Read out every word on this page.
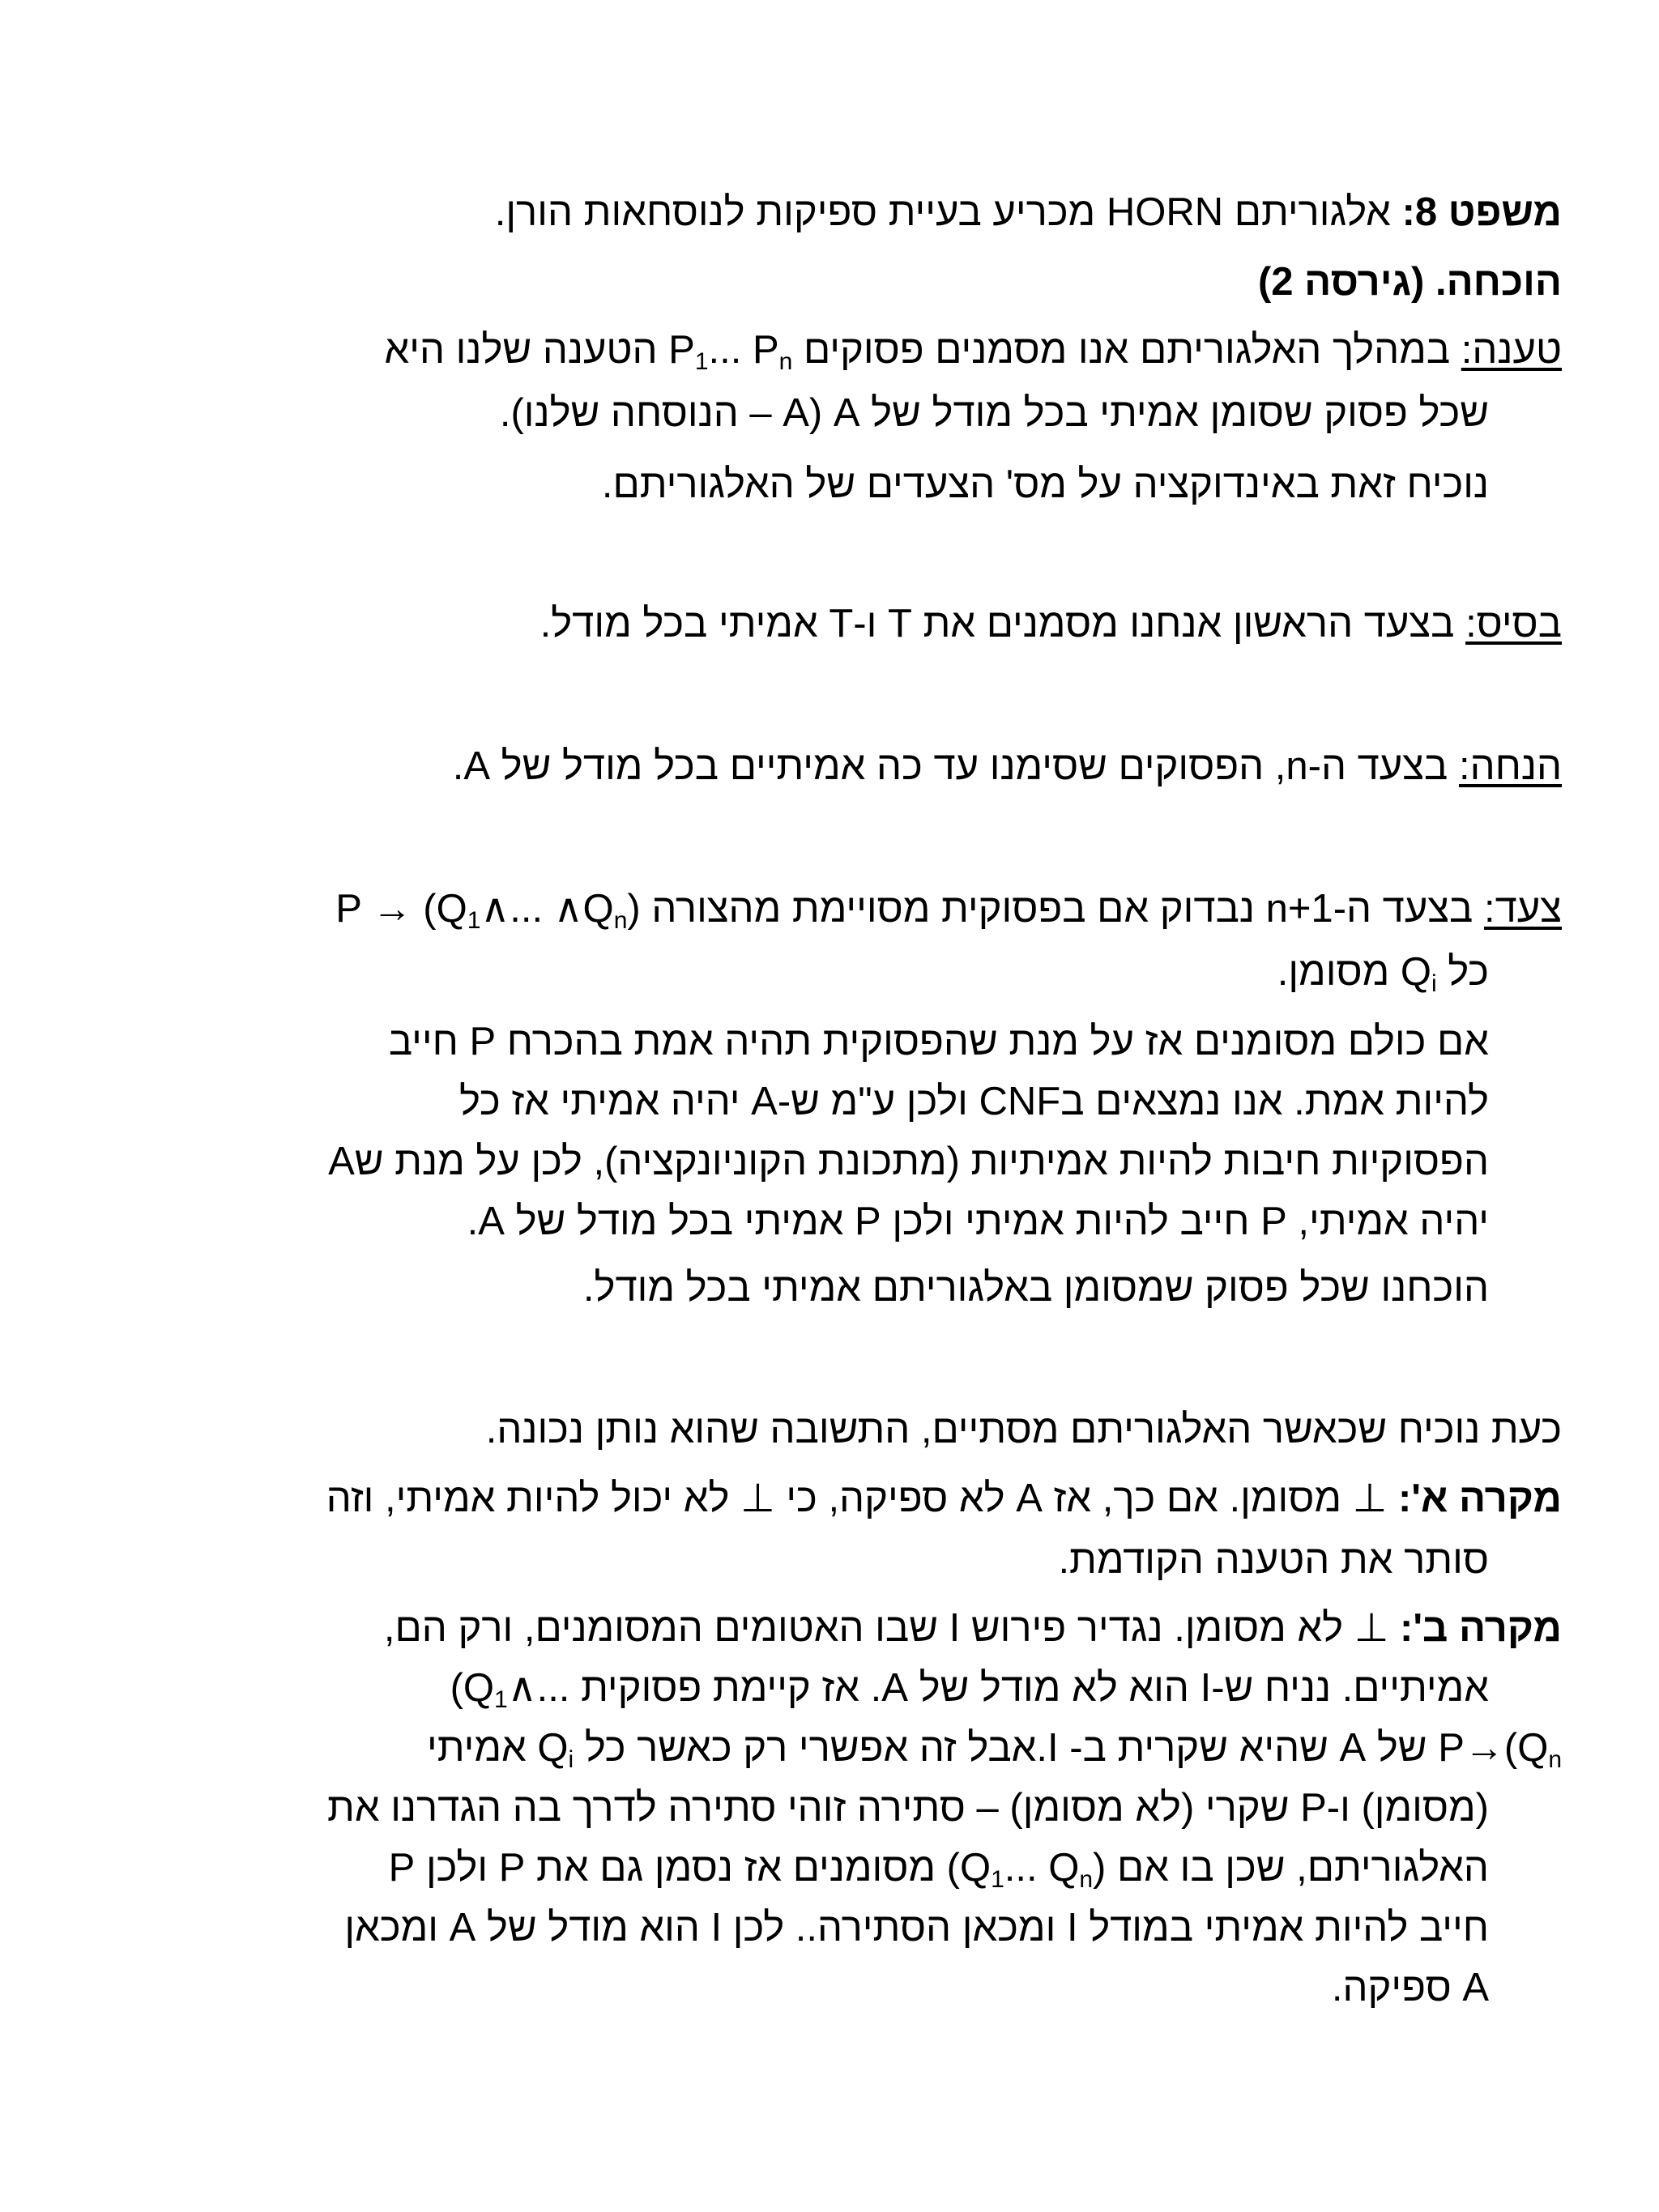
משפט 8: אלגוריתם HORN מכריע בעיית ספיקות לנוסחאות הורן.
הוכחה. (גירסה 2)
טענה: במהלך האלגוריתם אנו מסמנים פסוקים $P_1$... $P_n$ הטענה שלנו היא
שכל פסוק שסומן אמיתי בכל מודל של A (A – הנוסחה שלנו).
נוכיח זאת באינדוקציה על מס' הצעדים של האלגוריתם.
בסיס: בצעד הראשון אנחנו מסמנים את T ו-T אמיתי בכל מודל.
הנחה: בצעד ה-n, הפסוקים שסימנו עד כה אמיתיים בכל מודל של A.
צעד: בצעד ה-n+1 נבדוק אם בפסוקית מסויימת מהצורה $P \to (Q_1\wedge$... $\wedge Q_n$)
כל $Q_i$ מסומן.
אם כולם מסומנים אז על מנת שהפסוקית תהיה אמת בהכרח P חייב
להיות אמת. אנו נמצאים בCNF ולכן ע"מ ש-A יהיה אמיתי אז כל
הפסוקיות חיבות להיות אמיתיות (מתכונת הקוניונקציה), לכן על מנת שA
יהיה אמיתי, P חייב להיות אמיתי ולכן P אמיתי בכל מודל של A.
הוכחנו שכל פסוק שמסומן באלגוריתם אמיתי בכל מודל.
כעת נוכיח שכאשר האלגוריתם מסתיים, התשובה שהוא נותן נכונה.
מקרה א': ⊥ מסומן. אם כך, אז A לא ספיקה, כי ⊥ לא יכול להיות אמיתי, וזה
סותר את הטענה הקודמת.
מקרה ב': ⊥ לא מסומן. נגדיר פירוש I שבו האטומים המסומנים, ורק הם,
אמיתיים. נניח ש-I הוא לא מודל של A. אז קיימת פסוקית ($Q_1\wedge$...
$P\to(Q_n$ של A שהיא שקרית ב- I.אבל זה אפשרי רק כאשר כל $Q_i$ אמיתי
(מסומן) ו-P שקרי (לא מסומן) – סתירה זוהי סתירה לדרך בה הגדרנו את
האלגוריתם, שכן בו אם ($Q_1$... $Q_n$) מסומנים אז נסמן גם את P ולכן P
חייב להיות אמיתי במודל I ומכאן הסתירה.. לכן I הוא מודל של A ומכאן
A ספיקה.
